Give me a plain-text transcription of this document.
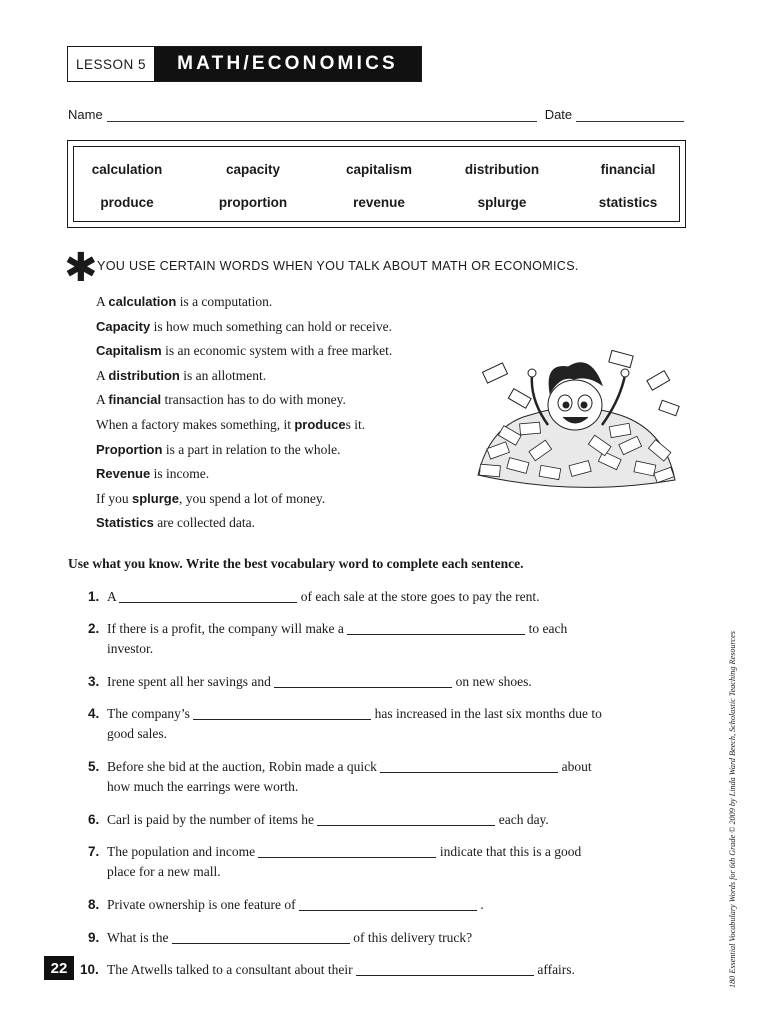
LESSON 5	MATH/ECONOMICS
Name	Date
calculation	capacity	capitalism	distribution	financial
produce	proportion	revenue	splurge	statistics
✱ YOU USE CERTAIN WORDS WHEN YOU TALK ABOUT MATH OR ECONOMICS.
A calculation is a computation.
Capacity is how much something can hold or receive.
Capitalism is an economic system with a free market.
A distribution is an allotment.
A financial transaction has to do with money.
When a factory makes something, it produces it.
Proportion is a part in relation to the whole.
Revenue is income.
If you splurge, you spend a lot of money.
Statistics are collected data.
Use what you know. Write the best vocabulary word to complete each sentence.
1. A	of each sale at the store goes to pay the rent.
2. If there is a profit, the company will make a	to each
investor.
3. Irene spent all her savings and	on new shoes.
4. The company’s	has increased in the last six months due to
good sales.
5. Before she bid at the auction, Robin made a quick	about
how much the earrings were worth.
6. Carl is paid by the number of items he	each day.
7. The population and income	indicate that this is a good
place for a new mall.
8. Private ownership is one feature of	.
9. What is the	of this delivery truck?
10. The Atwells talked to a consultant about their	affairs.
22	180 Essential Vocabulary Words for 6th Grade © 2009 by Linda Ward Beech, Scholastic Teaching Resources
